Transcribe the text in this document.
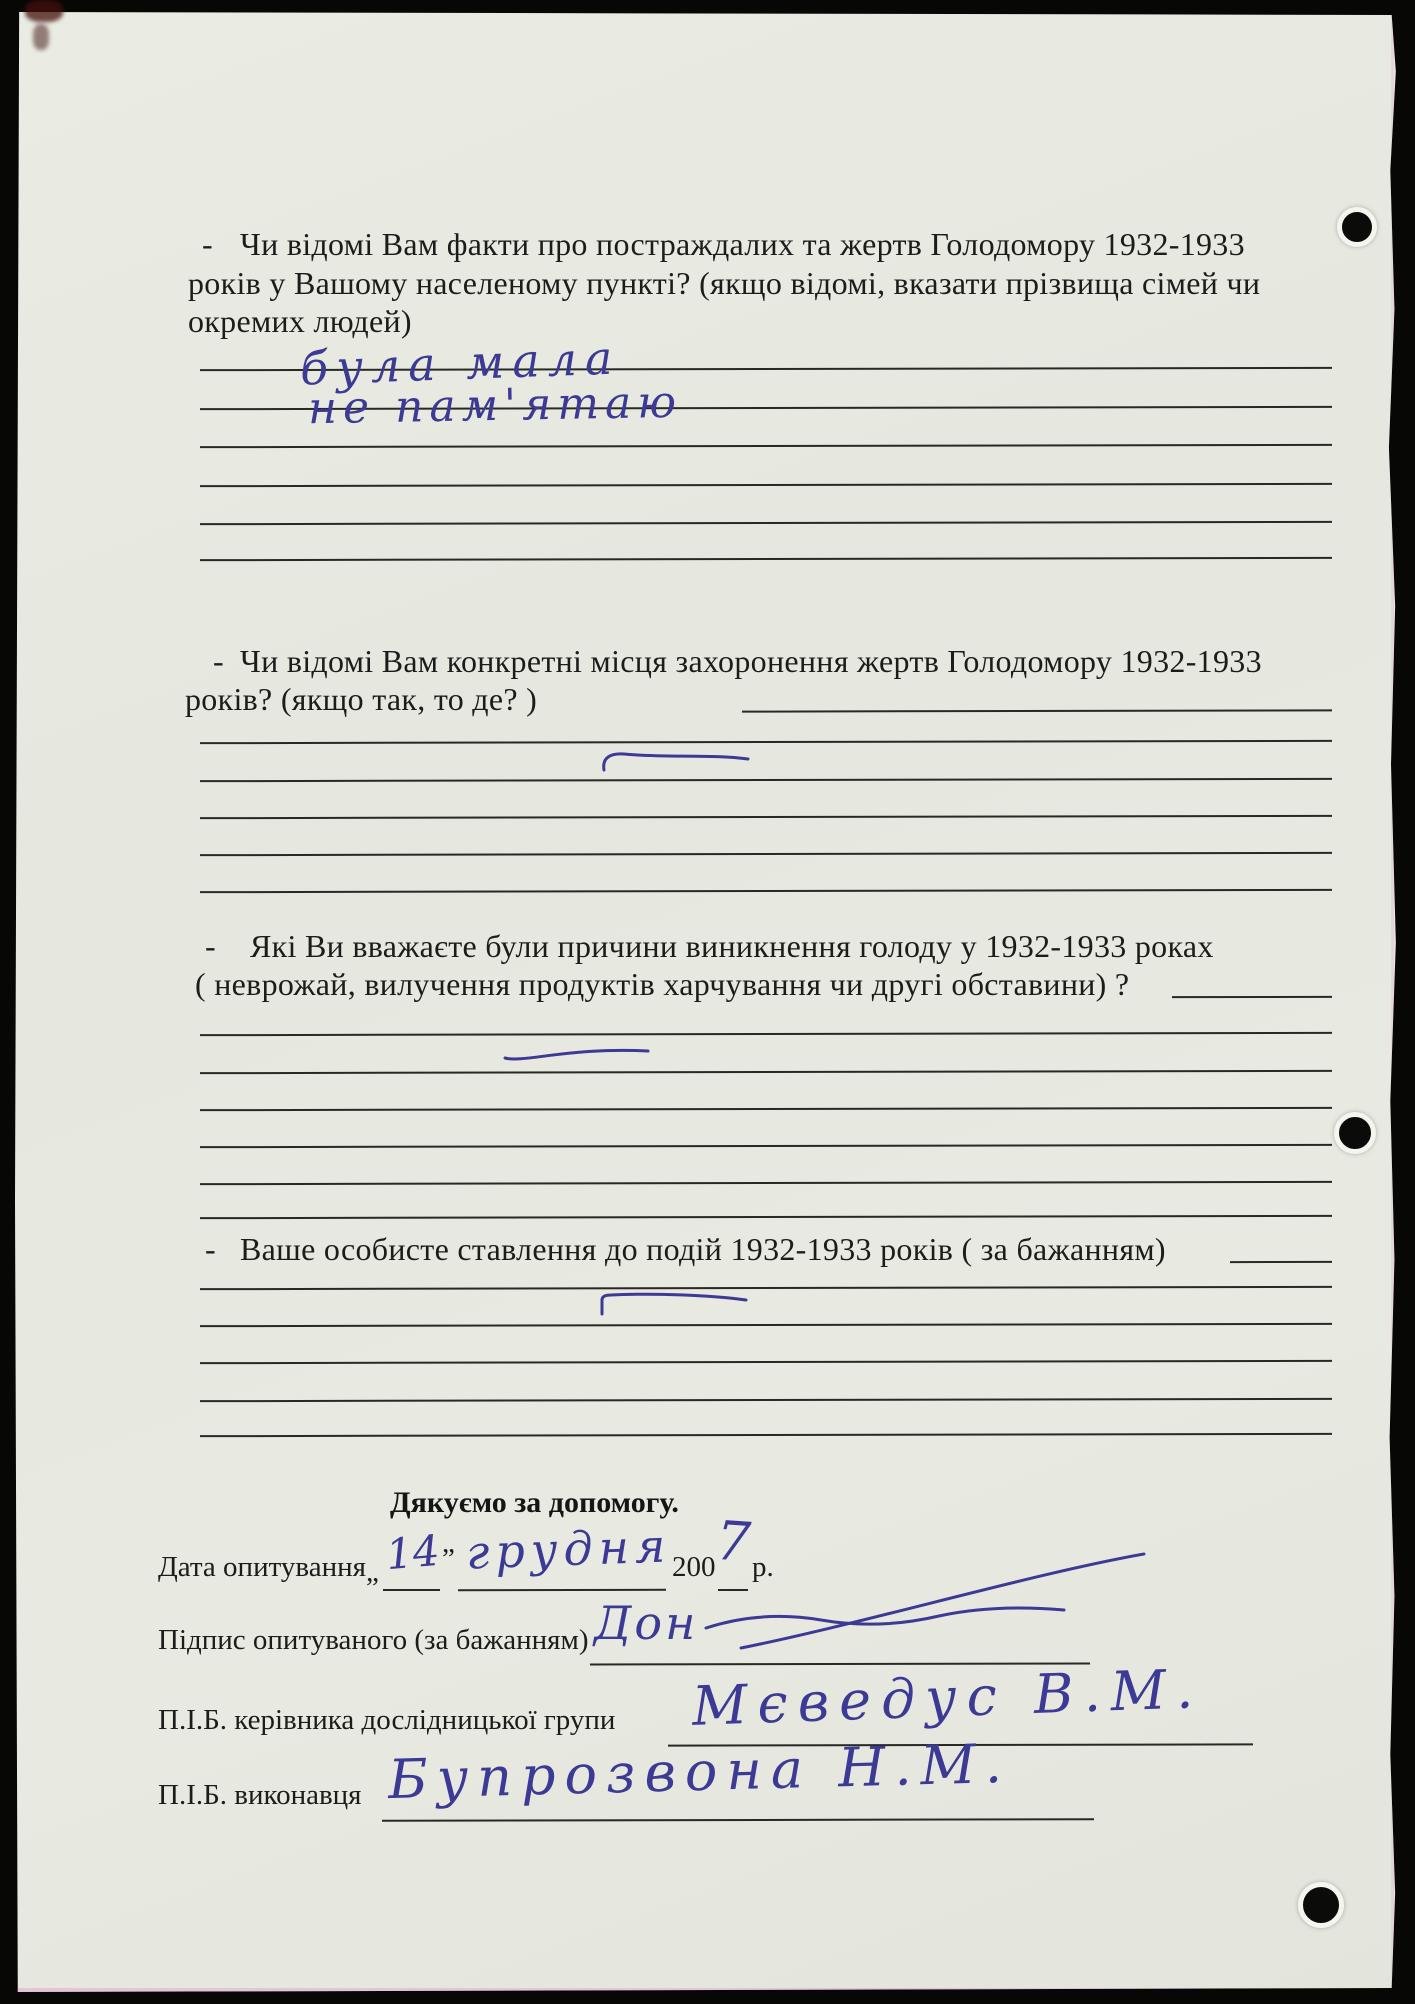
- Чи відомі Вам факти про постраждалих та жертв Голодомору 1932-1933
років у Вашому населеному пункті? (якщо відомі, вказати прізвища сімей чи
окремих людей)
була мала
не пам'ятаю
- Чи відомі Вам конкретні місця захоронення жертв Голодомору 1932-1933
років? (якщо так, то де? )
- Які Ви вважаєте були причини виникнення голоду у 1932-1933 роках
( неврожай, вилучення продуктів харчування чи другі обставини) ?
- Ваше особисте ставлення до подій 1932-1933 років ( за бажанням)
Дякуємо за допомогу.
Дата опитування „ 14 ” грудня 200
7 р.
Підпис опитуваного (за бажанням) Дон
П.І.Б. керівника дослідницької групи Мєведус В.М.
П.І.Б. виконавця Бупрозвона Н.М.
